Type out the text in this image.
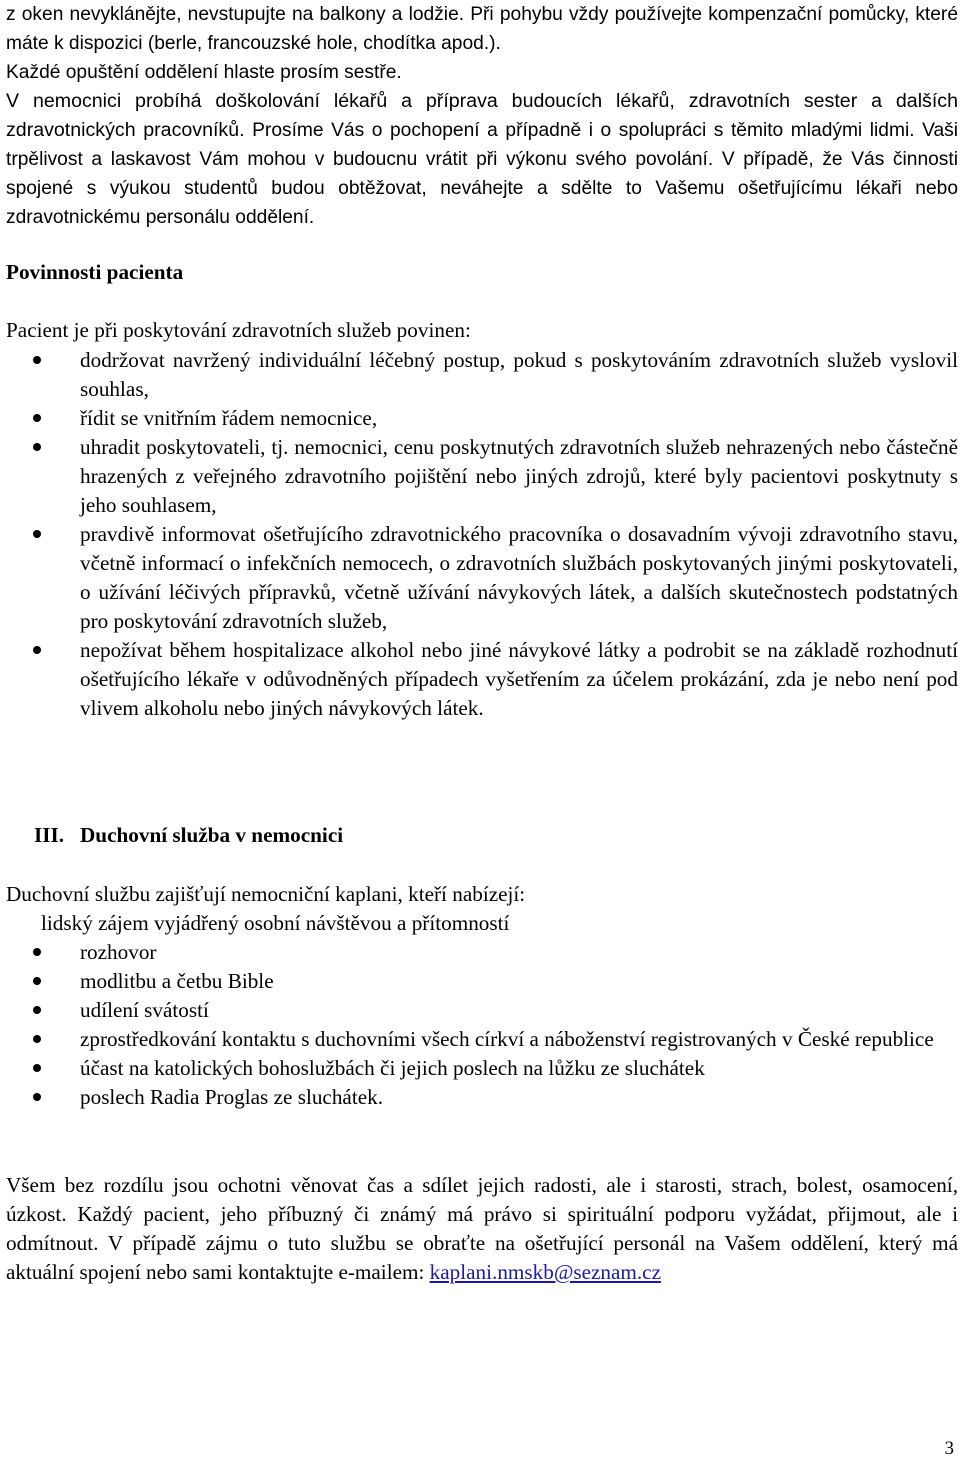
z oken nevyklánějte, nevstupujte na balkony a lodžie. Při pohybu vždy používejte kompenzační pomůcky, které máte k dispozici (berle, francouzské hole, chodítka apod.).

Každé opuštění oddělení hlaste prosím sestře.

V nemocnici probíhá doškolování lékařů a příprava budoucích lékařů, zdravotních sester a dalších zdravotnických pracovníků. Prosíme Vás o pochopení a případně i o spolupráci s těmito mladými lidmi. Vaši trpělivost a laskavost Vám mohou v budoucnu vrátit při výkonu svého povolání. V případě, že Vás činnosti spojené s výukou studentů budou obtěžovat, neváhejte a sdělte to Vašemu ošetřujícímu lékaři nebo zdravotnickému personálu oddělení.

Povinnosti pacienta

Pacient je při poskytování zdravotních služeb povinen:

dodržovat navržený individuální léčebný postup, pokud s poskytováním zdravotních služeb vyslovil souhlas,
řídit se vnitřním řádem nemocnice,
uhradit poskytovateli, tj. nemocnici, cenu poskytnutých zdravotních služeb nehrazených nebo částečně hrazených z veřejného zdravotního pojištění nebo jiných zdrojů, které byly pacientovi poskytnuty s jeho souhlasem,
pravdivě informovat ošetřujícího zdravotnického pracovníka o dosavadním vývoji zdravotního stavu, včetně informací o infekčních nemocech, o zdravotních službách poskytovaných jinými poskytovateli, o užívání léčivých přípravků, včetně užívání návykových látek, a dalších skutečnostech podstatných pro poskytování zdravotních služeb,
nepožívat během hospitalizace alkohol nebo jiné návykové látky a podrobit se na základě rozhodnutí ošetřujícího lékaře v odůvodněných případech vyšetřením za účelem prokázání, zda je nebo není pod vlivem alkoholu nebo jiných návykových látek.
III. Duchovní služba v nemocnici

Duchovní službu zajišťují nemocniční kaplani, kteří nabízejí:

lidský zájem vyjádřený osobní návštěvou a přítomností

rozhovor
modlitbu a četbu Bible
udílení svátostí
zprostředkování kontaktu s duchovními všech církví a náboženství registrovaných v České republice
účast na katolických bohoslužbách či jejich poslech na lůžku ze sluchátek
poslech Radia Proglas ze sluchátek.

Všem bez rozdílu jsou ochotni věnovat čas a sdílet jejich radosti, ale i starosti, strach, bolest, osamocení, úzkost. Každý pacient, jeho příbuzný či známý má právo si spirituální podporu vyžádat, přijmout, ale i odmítnout. V případě zájmu o tuto službu se obraťte na ošetřující personál na Vašem oddělení, který má aktuální spojení nebo sami kontaktujte e-mailem: kaplani.nmskb@seznam.cz

3
